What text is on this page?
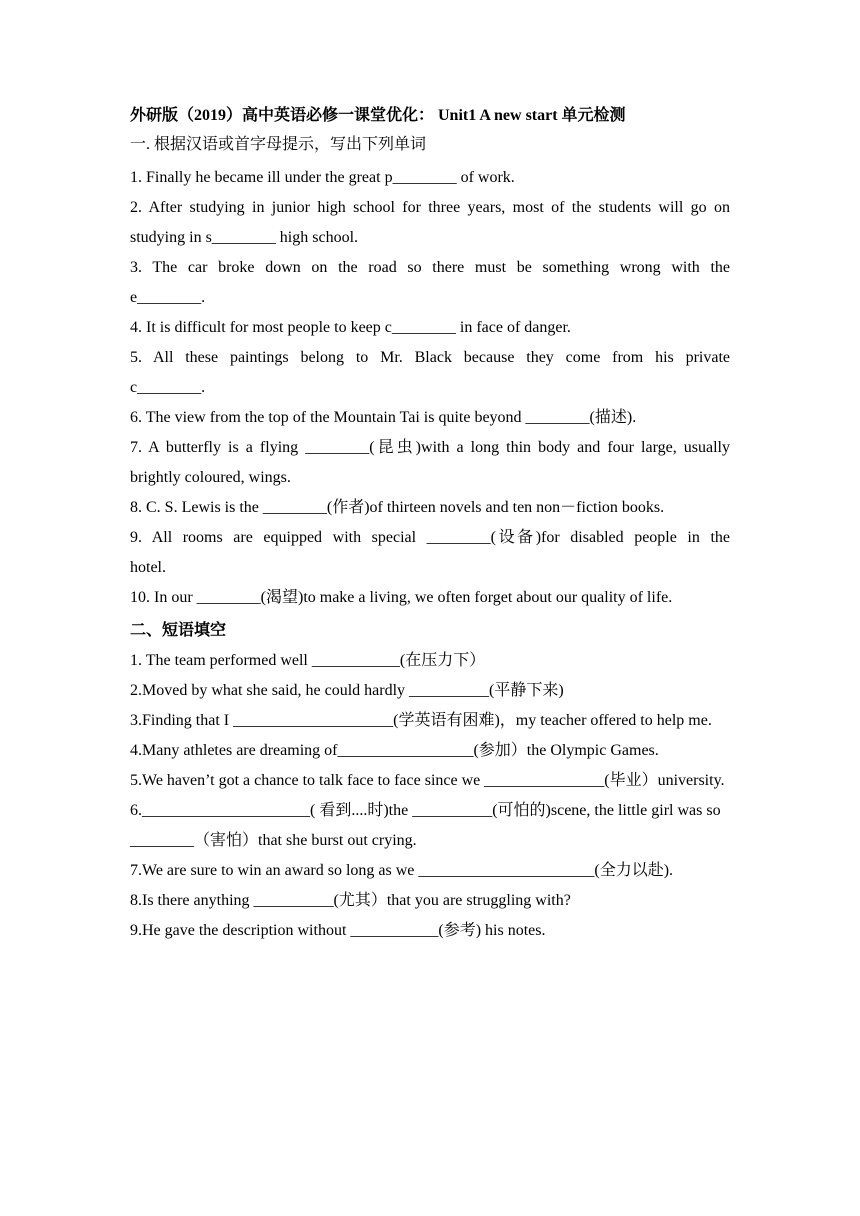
外研版（2019）高中英语必修一课堂优化： Unit1 A new start 单元检测
一. 根据汉语或首字母提示，写出下列单词

1. Finally he became ill under the great p________ of work.

2. After studying in junior high school for three years, most of the students will go on studying in s________ high school.

3. The car broke down on the road so there must be something wrong with the e________.

4. It is difficult for most people to keep c________ in face of danger.

5. All these paintings belong to Mr. Black because they come from his private c________.

6. The view from the top of the Mountain Tai is quite beyond ________(描述).

7. A butterfly is a flying ________(昆虫)with a long thin body and four large, usually brightly coloured, wings.

8. C. S. Lewis is the ________(作者)of thirteen novels and ten non－fiction books.

9. All rooms are equipped with special ________(设备)for disabled people in the hotel.

10. In our ________(渴望)to make a living, we often forget about our quality of life.

二、短语填空

1. The team performed well ___________(在压力下）

2.Moved by what she said, he could hardly __________(平静下来)

3.Finding that I ____________________(学英语有困难)，my teacher offered to help me.

4.Many athletes are dreaming of_________________(参加）the Olympic Games.

5.We haven’t got a chance to talk face to face since we _______________(毕业）university.

6._____________________( 看到....时)the __________(可怕的)scene, the little girl was so ________（害怕）that she burst out crying.

7.We are sure to win an award so long as we ______________________(全力以赴).

8.Is there anything __________(尤其）that you are struggling with?

9.He gave the description without ___________(参考) his notes.
